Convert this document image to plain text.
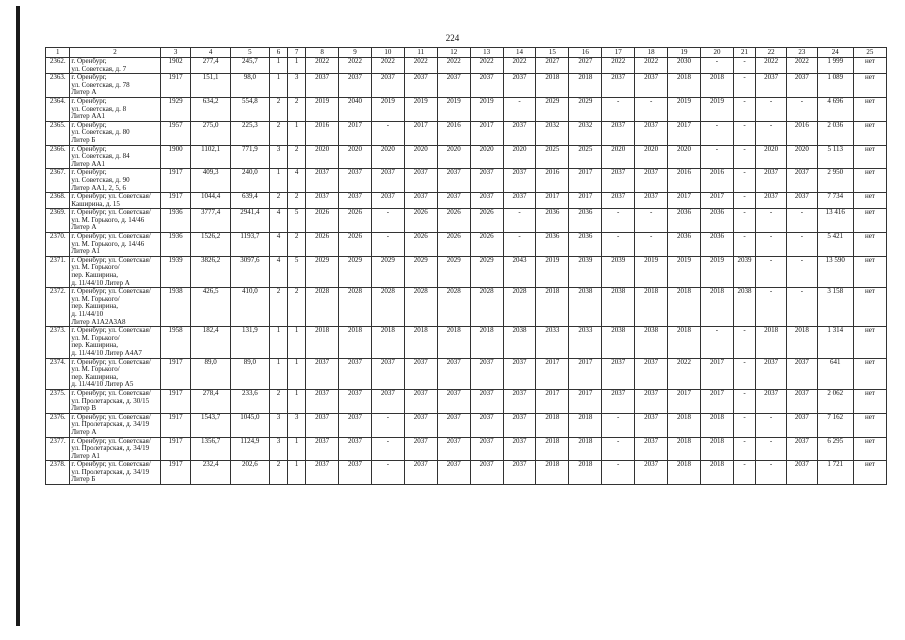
224
1	2	3	4	5	6	7	8	9	10	11	12	13	14	15	16	17	18	19	20	21	22	23	24	25
2362.	г. Оренбург,
ул. Советская, д. 7	1902	277,4	245,7	1	1	2022	2022	2022	2022	2022	2022	2022	2027	2027	2022	2022	2030	-	-	2022	2022	1 999	нет
2363.	г. Оренбург,
ул. Советская, д. 78
Литер А	1917	151,1	98,0	1	3	2037	2037	2037	2037	2037	2037	2037	2018	2018	2037	2037	2018	2018	-	2037	2037	1 089	нет
2364.	г. Оренбург,
ул. Советская, д. 8
Литер АА1	1929	634,2	554,8	2	2	2019	2040	2019	2019	2019	2019	-	2029	2029	-	-	2019	2019	-	-	-	4 696	нет
2365.	г. Оренбург,
ул. Советская, д. 80
Литер Б	1957	275,0	225,3	2	1	2016	2017	-	2017	2016	2017	2037	2032	2032	2037	2037	2017	-	-	-	2016	2 036	нет
2366.	г. Оренбург,
ул. Советская, д. 84
Литер АА1	1900	1102,1	771,9	3	2	2020	2020	2020	2020	2020	2020	2020	2025	2025	2020	2020	2020	-	-	2020	2020	5 113	нет
2367.	г. Оренбург,
ул. Советская, д. 90
Литер АА1, 2, 5, 6	1917	409,3	240,0	1	4	2037	2037	2037	2037	2037	2037	2037	2016	2017	2037	2037	2016	2016	-	2037	2037	2 950	нет
2368.	г. Оренбург, ул. Советская/
Каширина, д. 15	1917	1044,4	639,4	2	2	2037	2037	2037	2037	2037	2037	2037	2017	2017	2037	2037	2017	2017	-	2037	2037	7 734	нет
2369.	г. Оренбург, ул. Советская/
ул. М. Горького, д. 14/46
Литер А	1936	3777,4	2941,4	4	5	2026	2026	-	2026	2026	2026	-	2036	2036	-	-	2036	2036	-	-	-	13 416	нет
2370.	г. Оренбург, ул. Советская/
ул. М. Горького, д. 14/46
Литер А1	1936	1526,2	1193,7	4	2	2026	2026	-	2026	2026	2026	-	2036	2036	-	-	2036	2036	-	-	-	5 421	нет
2371.	г. Оренбург, ул. Советская/
ул. М. Горького/
пер. Каширина,
д. 11/44/10 Литер А	1939	3826,2	3097,6	4	5	2029	2029	2029	2029	2029	2029	2043	2019	2039	2039	2019	2019	2019	2039	-	-	13 590	нет
2372.	г. Оренбург, ул. Советская/
ул. М. Горького/
пер. Каширина,
д. 11/44/10
Литер А1А2А3А8	1938	426,5	410,0	2	2	2028	2028	2028	2028	2028	2028	2028	2018	2038	2038	2018	2018	2018	2038	-	-	3 158	нет
2373.	г. Оренбург, ул. Советская/
ул. М. Горького/
пер. Каширина,
д. 11/44/10 Литер А4А7	1958	182,4	131,9	1	1	2018	2018	2018	2018	2018	2018	2038	2033	2033	2038	2038	2018	-	-	2018	2018	1 314	нет
2374.	г. Оренбург, ул. Советская/
ул. М. Горького/
пер. Каширина,
д. 11/44/10 Литер А5	1917	89,0	89,0	1	1	2037	2037	2037	2037	2037	2037	2037	2017	2017	2037	2037	2022	2017	-	2037	2037	641	нет
2375.	г. Оренбург, ул. Советская/
ул. Пролетарская, д. 30/15
Литер В	1917	278,4	233,6	2	1	2037	2037	2037	2037	2037	2037	2037	2017	2017	2037	2037	2017	2017	-	2037	2037	2 062	нет
2376.	г. Оренбург, ул. Советская/
ул. Пролетарская, д. 34/19
Литер А	1917	1543,7	1045,0	3	3	2037	2037	-	2037	2037	2037	2037	2018	2018	-	2037	2018	2018	-	-	2037	7 162	нет
2377.	г. Оренбург, ул. Советская/
ул. Пролетарская, д. 34/19
Литер А1	1917	1356,7	1124,9	3	1	2037	2037	-	2037	2037	2037	2037	2018	2018	-	2037	2018	2018	-	-	2037	6 295	нет
2378.	г. Оренбург, ул. Советская/
ул. Пролетарская, д. 34/19
Литер Б	1917	232,4	202,6	2	1	2037	2037	-	2037	2037	2037	2037	2018	2018	-	2037	2018	2018	-	-	2037	1 721	нет
